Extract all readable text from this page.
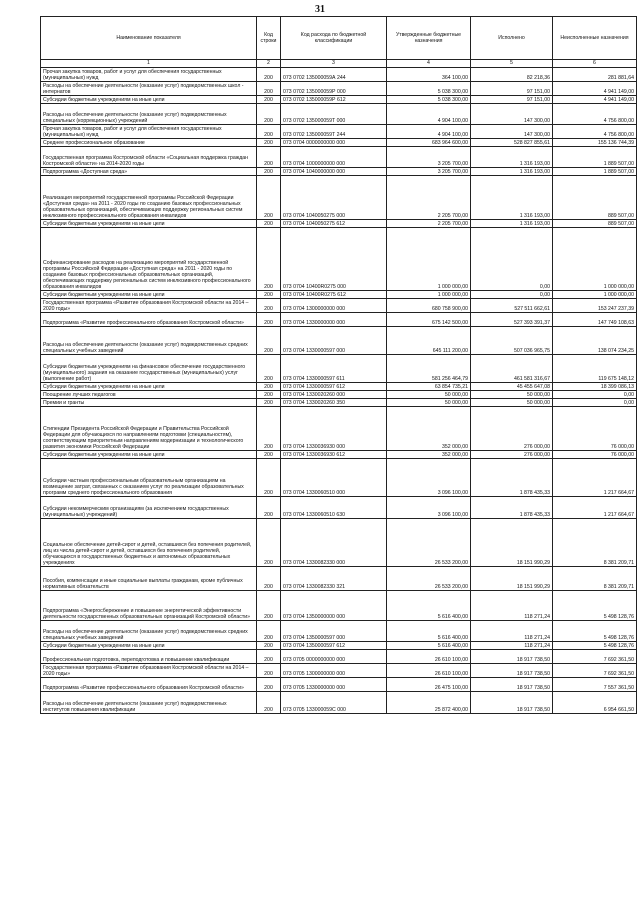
31
Наименование показателя	Код строки	Код расхода по бюджетной классификации	Утвержденные бюджетные назначения	Исполнено	Неисполненные назначения
1	2	3	4	5	6
Прочая закупка товаров, работ и услуг для обеспечения государственных (муниципальных) нужд	200	073 0702 135000059А 244	364 100,00	82 218,36	281 881,64
Расходы на обеспечение деятельности (оказание услуг) подведомственных школ - интернатов	200	073 0702 135000059Р 000	5 038 300,00	97 151,00	4 941 149,00
Субсидии бюджетным учреждениям на иные цели	200	073 0702 135000059Р 612	5 038 300,00	97 151,00	4 941 149,00
Расходы на обеспечение деятельности (оказание услуг) подведомственных специальных (коррекционных) учреждений	200	073 0702 135000059Т 000	4 904 100,00	147 300,00	4 756 800,00
Прочая закупка товаров, работ и услуг для обеспечения государственных (муниципальных) нужд	200	073 0702 135000059Т 244	4 904 100,00	147 300,00	4 756 800,00
Среднее профессиональное образование	200	073 0704 0000000000 000	683 964 600,00	528 827 855,61	155 136 744,39
Государственная программа Костромской области «Социальная поддержка граждан Костромской области» на 2014-2020 годы	200	073 0704 1000000000 000	3 205 700,00	1 316 193,00	1 889 507,00
Подпрограмма «Доступная среда»	200	073 0704 1040000000 000	3 205 700,00	1 316 193,00	1 889 507,00
Реализация мероприятий государственной программы Российской Федерации «Доступная среда» на 2011 - 2020 годы по созданию базовых профессиональных образовательных организаций, обеспечивающих поддержку региональных систем инклюзивного профессионального образования инвалидов	200	073 0704 1040050275 000	2 205 700,00	1 316 193,00	889 507,00
Субсидии бюджетным учреждениям на иные цели	200	073 0704 1040050275 612	2 205 700,00	1 316 193,00	889 507,00
Софинансирование расходов на реализацию мероприятий государственной программы Российской Федерации «Доступная среда» на 2011 - 2020 годы по созданию базовых профессиональных образовательных организаций, обеспечивающих поддержку региональных систем инклюзивного профессионального образования инвалидов	200	073 0704 10400R0275 000	1 000 000,00	0,00	1 000 000,00
Субсидии бюджетным учреждениям на иные цели	200	073 0704 10400R0275 612	1 000 000,00	0,00	1 000 000,00
Государственная программа «Развитие образования Костромской области на 2014 – 2020 годы»	200	073 0704 1300000000 000	680 758 900,00	527 511 662,61	153 247 237,39
Подпрограмма «Развитие профессионального образования Костромской области»	200	073 0704 1330000000 000	675 142 500,00	527 393 391,37	147 749 108,63
Расходы на обеспечение деятельности (оказание услуг) подведомственных средних специальных учебных заведений	200	073 0704 1330000597 000	645 111 200,00	507 036 965,75	138 074 234,25
Субсидии бюджетным учреждениям на финансовое обеспечение государственного (муниципального) задания на оказание государственных (муниципальных) услуг (выполнение работ)	200	073 0704 1330000597 611	581 256 464,79	461 581 316,67	119 675 148,12
Субсидии бюджетным учреждениям на иные цели	200	073 0704 1330000597 612	63 854 735,21	45 455 647,08	18 399 086,13
Поощрение лучших педагогов	200	073 0704 1330020260 000	50 000,00	50 000,00	0,00
Премии и гранты	200	073 0704 1330020260 350	50 000,00	50 000,00	0,00
Стипендии Президента Российской Федерации и Правительства Российской Федерации для обучающихся по направлениям подготовки (специальностям), соответствующим приоритетным направлениям модернизации и технологического развития экономики Российской Федерации	200	073 0704 1330036930 000	352 000,00	276 000,00	76 000,00
Субсидии бюджетным учреждениям на иные цели	200	073 0704 1330036930 612	352 000,00	276 000,00	76 000,00
Субсидии частным профессиональным образовательным организациям на возмещение затрат, связанных с оказанием услуг по реализации образовательных программ среднего профессионального образования	200	073 0704 1330060510 000	3 096 100,00	1 878 435,33	1 217 664,67
Субсидии некоммерческим организациям (за исключением государственных (муниципальных) учреждений)	200	073 0704 1330060510 630	3 096 100,00	1 878 435,33	1 217 664,67
Социальное обеспечение детей-сирот и детей, оставшихся без попечения родителей, лиц из числа детей-сирот и детей, оставшихся без попечения родителей, обучающихся в государственных бюджетных и автономных образовательных учреждениях	200	073 0704 1330082330 000	26 533 200,00	18 151 990,29	8 381 209,71
Пособия, компенсации и иные социальные выплаты гражданам, кроме публичных нормативных обязательств	200	073 0704 1330082330 321	26 533 200,00	18 151 990,29	8 381 209,71
Подпрограмма «Энергосбережение и повышение энергетической эффективности деятельности государственных образовательных организаций Костромской области»	200	073 0704 1350000000 000	5 616 400,00	118 271,24	5 498 128,76
Расходы на обеспечение деятельности (оказание услуг) подведомственных средних специальных учебных заведений	200	073 0704 1350000597 000	5 616 400,00	118 271,24	5 498 128,76
Субсидии бюджетным учреждениям на иные цели	200	073 0704 1350000597 612	5 616 400,00	118 271,24	5 498 128,76
Профессиональная подготовка, переподготовка и повышение квалификации	200	073 0705 0000000000 000	26 610 100,00	18 917 738,50	7 692 361,50
Государственная программа «Развитие образования Костромской области на 2014 – 2020 годы»	200	073 0705 1300000000 000	26 610 100,00	18 917 738,50	7 692 361,50
Подпрограмма «Развитие профессионального образования Костромской области»	200	073 0705 1330000000 000	26 475 100,00	18 917 738,50	7 557 361,50
Расходы на обеспечение деятельности (оказание услуг) подведомственных институтов повышения квалификации	200	073 0705 133000059С 000	25 872 400,00	18 917 738,50	6 954 661,50
